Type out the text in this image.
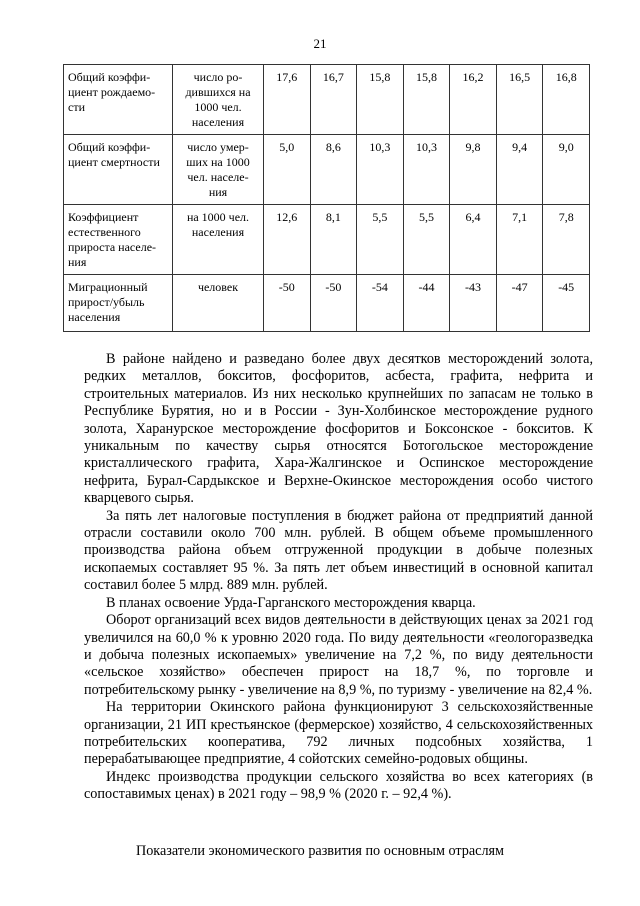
21
Общий коэффи-
циент рождаемо-
сти	число ро-
дившихся на
1000 чел.
населения	17,6	16,7	15,8	15,8	16,2	16,5	16,8
Общий коэффи-
циент смертности	число умер-
ших на 1000
чел. населе-
ния	5,0	8,6	10,3	10,3	9,8	9,4	9,0
Коэффициент
естественного
прироста населе-
ния	на 1000 чел.
населения	12,6	8,1	5,5	5,5	6,4	7,1	7,8
Миграционный
прирост/убыль
населения	человек	-50	-50	-54	-44	-43	-47	-45

В районе найдено и разведано более двух десятков месторождений золота, редких металлов, бокситов, фосфоритов, асбеста, графита, нефрита и строительных материалов. Из них несколько крупнейших по запасам не только в Республике Бурятия, но и в России - Зун-Холбинское месторождение рудного золота, Харанурское месторождение фосфоритов и Боксонское - бокситов. К уникальным по качеству сырья относятся Ботогольское месторождение кристаллического графита, Хара-Жалгинское и Оспинское месторождение нефрита, Бурал-Сардыкское и Верхне-Окинское месторождения особо чистого кварцевого сырья.

За пять лет налоговые поступления в бюджет района от предприятий данной отрасли составили около 700 млн. рублей. В общем объеме промышленного производства района объем отгруженной продукции в добыче полезных ископаемых составляет 95 %. За пять лет объем инвестиций в основной капитал составил более 5 млрд. 889 млн. рублей.

В планах освоение Урда-Гарганского месторождения кварца.

Оборот организаций всех видов деятельности в действующих ценах за 2021 год увеличился на 60,0 % к уровню 2020 года. По виду деятельности «геологоразведка и добыча полезных ископаемых» увеличение на 7,2 %, по виду деятельности «сельское хозяйство» обеспечен прирост на 18,7 %, по торговле и потребительскому рынку - увеличение на 8,9 %, по туризму - увеличение на 82,4 %.

На территории Окинского района функционируют 3 сельскохозяйственные организации, 21 ИП крестьянское (фермерское) хозяйство, 4 сельскохозяйственных потребительских кооператива, 792 личных подсобных хозяйства, 1 перерабатывающее предприятие, 4 сойотских семейно-родовых общины.

Индекс производства продукции сельского хозяйства во всех категориях (в сопоставимых ценах) в 2021 году – 98,9 % (2020 г. – 92,4 %).

Показатели экономического развития по основным отраслям
